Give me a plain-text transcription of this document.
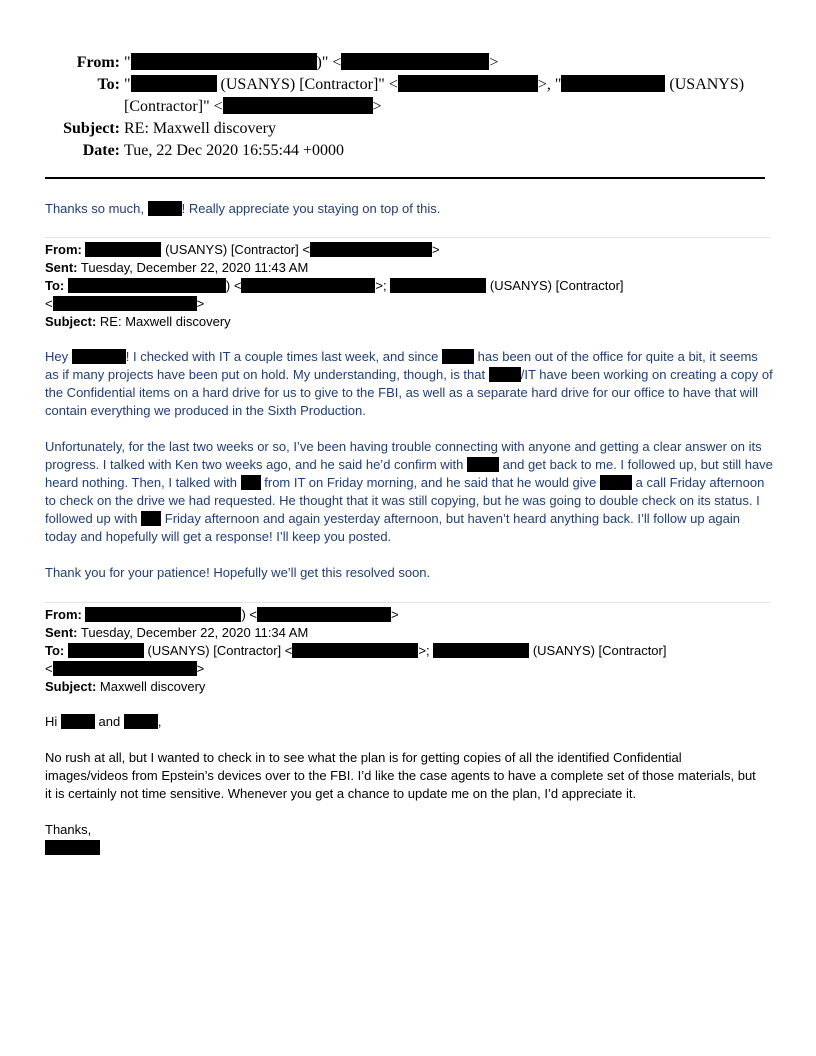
From: "	)" <	>
To: "	(USANYS) [Contractor]" <	>, "	(USANYS)
[Contractor]" <	>
Subject: RE: Maxwell discovery
Date: Tue, 22 Dec 2020 16:55:44 +0000

Thanks so much,	! Really appreciate you staying on top of this.

From:	(USANYS) [Contractor] <	>

Sent: Tuesday, December 22, 2020 11:43 AM

To:	) <	>;	(USANYS) [Contractor]
<	>

Subject: RE: Maxwell discovery

Hey	! I checked with IT a couple times last week, and since	has been out of the office for quite a bit, it seems as if many projects have been put on hold. My understanding, though, is that	/IT have been working on creating a copy of the Confidential items on a hard drive for us to give to the FBI, as well as a separate hard drive for our office to have that will contain everything we produced in the Sixth Production.

Unfortunately, for the last two weeks or so, I’ve been having trouble connecting with anyone and getting a clear answer on its progress. I talked with Ken two weeks ago, and he said he’d confirm with	and get back to me. I followed up, but still have heard nothing. Then, I talked with from IT on Friday morning, and he said that he would give	a call Friday afternoon to check on the drive we had requested. He thought that it was still copying, but he was going to double check on its status. I followed up with Friday afternoon and again yesterday afternoon, but haven’t heard anything back. I’ll follow up again today and hopefully will get a response! I’ll keep you posted.

Thank you for your patience! Hopefully we’ll get this resolved soon.

From:	) <	>

Sent: Tuesday, December 22, 2020 11:34 AM

To:	(USANYS) [Contractor] <	>;	(USANYS) [Contractor]
<	>

Subject: Maxwell discovery

Hi	and	,

No rush at all, but I wanted to check in to see what the plan is for getting copies of all the identified Confidential images/videos from Epstein’s devices over to the FBI. I’d like the case agents to have a complete set of those materials, but it is certainly not time sensitive. Whenever you get a chance to update me on the plan, I’d appreciate it.

Thanks,
